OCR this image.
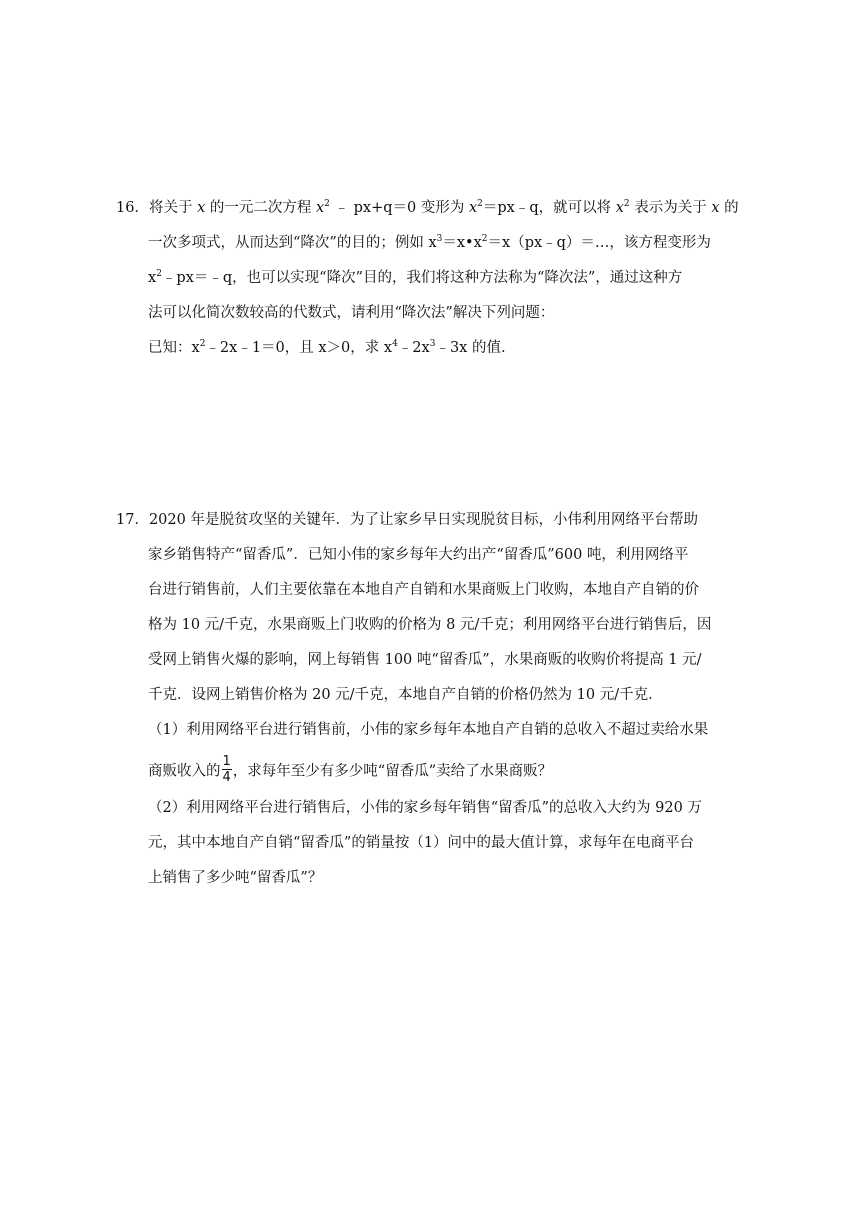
16．将关于 x 的一元二次方程 $x^2$ ﹣ px+q＝0 变形为 $x^2=px﹣q$，就可以将 $x^2$ 表示为关于 x 的
一次多项式，从而达到“降次”的目的；例如 $x^3=x•x^2=x(px﹣q)=\dots$，该方程变形为
$x^2﹣px=﹣q$，也可以实现“降次”目的，我们将这种方法称为“降次法”，通过这种方
法可以化简次数较高的代数式，请利用“降次法”解决下列问题：
已知：$x^2﹣2x﹣1=0$，且 x＞0，求 $x^4﹣2x^3﹣3x$ 的值.
17．2020 年是脱贫攻坚的关键年．为了让家乡早日实现脱贫目标，小伟利用网络平台帮助
家乡销售特产“留香瓜”．已知小伟的家乡每年大约出产“留香瓜”600 吨，利用网络平
台进行销售前，人们主要依靠在本地自产自销和水果商贩上门收购，本地自产自销的价
格为 10 元/千克，水果商贩上门收购的价格为 8 元/千克；利用网络平台进行销售后，因
受网上销售火爆的影响，网上每销售 100 吨“留香瓜”，水果商贩的收购价将提高 1 元/
千克．设网上销售价格为 20 元/千克，本地自产自销的价格仍然为 10 元/千克．
（1）利用网络平台进行销售前，小伟的家乡每年本地自产自销的总收入不超过卖给水果
商贩收入的 $\frac{1}{4}$ ，求每年至少有多少吨“留香瓜”卖给了水果商贩？
（2）利用网络平台进行销售后，小伟的家乡每年销售“留香瓜”的总收入大约为 920 万
元，其中本地自产自销“留香瓜”的销量按（1）问中的最大值计算，求每年在电商平台
上销售了多少吨“留香瓜”？
